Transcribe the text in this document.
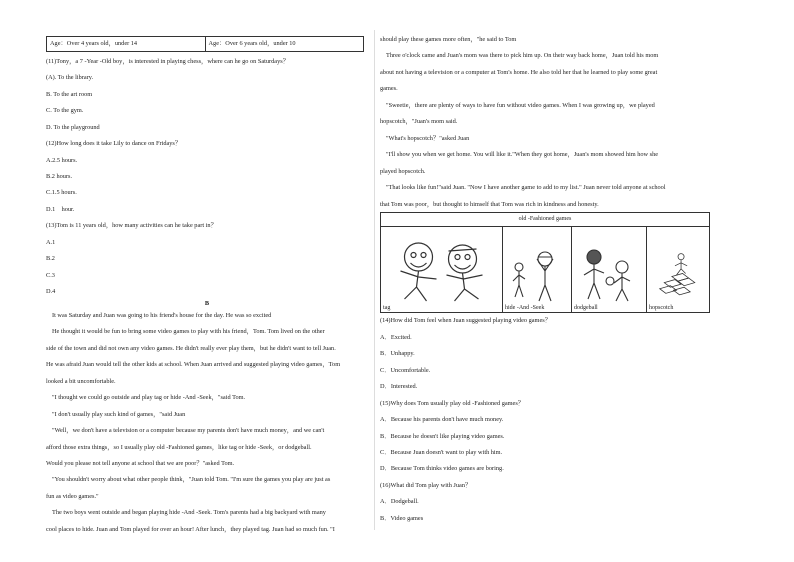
Age：Over 4 years old，under 14	Age：Over 6 years old，under 10
(11)Tony，a 7 -Year -Old boy，is interested in playing chess，where can he go on Saturdays？
(A). To the library.
B. To the art room
C. To the gym.
D. To the playground
(12)How long does it take Lily to dance on Fridays？
A.2.5 hours.
B.2 hours.
C.1.5 hours.
D.1　hour.
(13)Tom is 11 years old，how many activities can he take part in？
A.1
B.2
C.3
D.4
B
It was Saturday and Juan was going to his friend's house for the day. He was so excited
He thought it would be fun to bring some video games to play with his friend，Tom. Tom lived on the other
side of the town and did not own any video games. He didn't really ever play them，but he didn't want to tell Juan.
He was afraid Juan would tell the other kids at school. When Juan arrived and suggested playing video games，Tom
looked a bit uncomfortable.
"I thought we could go outside and play tag or hide -And -Seek，"said Tom.
"I don't usually play such kind of games，"said Juan
"Well，we don't have a television or a computer because my parents don't have much money，and we can't
afford those extra things，so I usually play old -Fashioned games，like tag or hide -Seek，or dodgeball.
Would you please not tell anyone at school that we are poor？"asked Tom.
"You shouldn't worry about what other people think，"Juan told Tom. "I'm sure the games you play are just as
fun as video games."
The two boys went outside and began playing hide -And -Seek. Tom's parents had a big backyard with many
cool places to hide. Juan and Tom played for over an hour! After lunch，they played tag. Juan had so much fun. "I
should play these games more often，"he said to Tom
Three o'clock came and Juan's mom was there to pick him up. On their way back home，Juan told his mom
about not having a television or a computer at Tom's home. He also told her that he learned to play some great
games.
"Sweetie，there are plenty of ways to have fun without video games. When I was growing up，we played
hopscotch，"Juan's mom said.
"What's hopscotch？"asked Juan
"I'll show you when we get home. You will like it."When they got home，Juan's mom showed him how she
played hopscotch.
"That looks like fun!"said Juan. "Now I have another game to add to my list." Juan never told anyone at school
that Tom was poor，but thought to himself that Tom was rich in kindness and honesty.
old -Fashioned games

tag	hide -And -Seek	dodgeball	hopscotch
(14)How did Tom feel when Juan suggested playing video games？
A．Excited.
B．Unhappy.
C．Uncomfortable.
D．Interested.
(15)Why does Tom usually play old -Fashioned games？
A．Because his parents don't have much money.
B．Because he doesn't like playing video games.
C．Because Juan doesn't want to play with him.
D．Because Tom thinks video games are boring.
(16)What did Tom play with Juan？
A．Dodgeball.
B．Video games
